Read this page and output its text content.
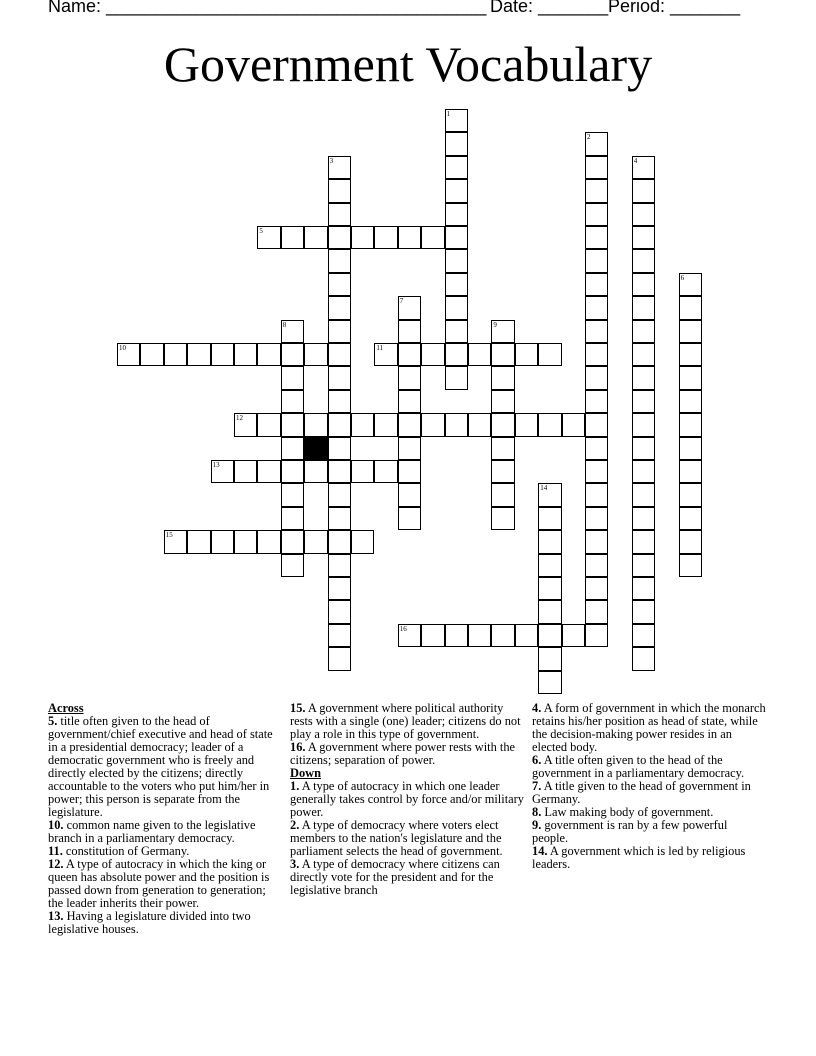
Name: ______________________________________ Date: _______ Period: _______
Government Vocabulary
1
2
3	4
5
6
7
8	9
10	11
12
13
14
15
16

Across

5. title often given to the head of government/chief executive and head of state in a presidential democracy; leader of a democratic government who is freely and directly elected by the citizens; directly accountable to the voters who put him/her in power; this person is separate from the legislature.

10. common name given to the legislative branch in a parliamentary democracy.

11. constitution of Germany.

12. A type of autocracy in which the king or queen has absolute power and the position is passed down from generation to generation; the leader inherits their power.

13. Having a legislature divided into two legislative houses.

15. A government where political authority rests with a single (one) leader; citizens do not play a role in this type of government.

16. A government where power rests with the citizens; separation of power.

Down

1. A type of autocracy in which one leader generally takes control by force and/or military power.

2. A type of democracy where voters elect members to the nation's legislature and the parliament selects the head of government.

3. A type of democracy where citizens can directly vote for the president and for the legislative branch

4. A form of government in which the monarch retains his/her position as head of state, while the decision-making power resides in an elected body.

6. A title often given to the head of the government in a parliamentary democracy.

7. A title given to the head of government in Germany.

8. Law making body of government.

9. government is ran by a few powerful people.

14. A government which is led by religious leaders.
